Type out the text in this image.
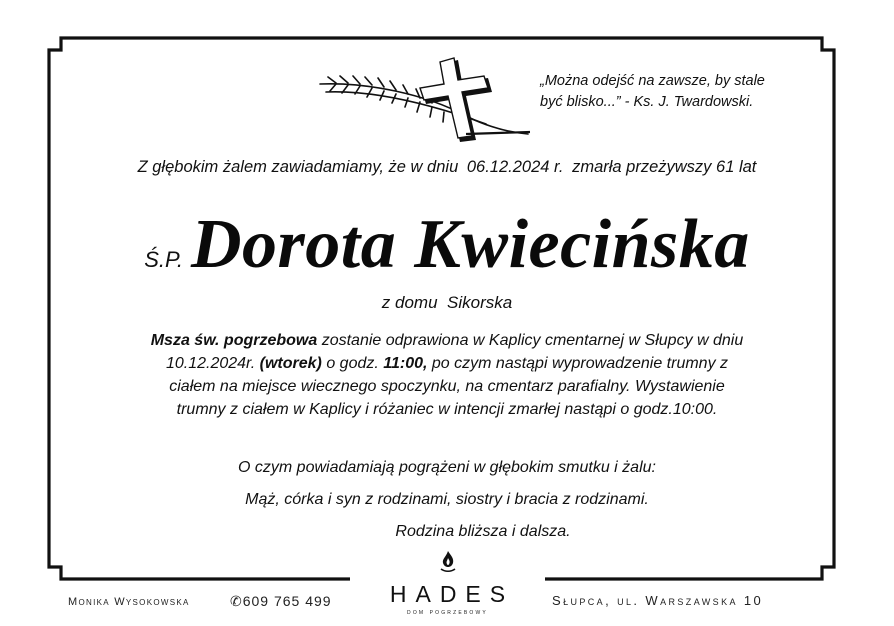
„Można odejść na zawsze, by stale
być blisko...” - Ks. J. Twardowski.
Z głębokim żalem zawiadamiamy, że w dniu 06.12.2024 r. zmarła przeżywszy 61 lat
Ś.P. Dorota Kwiecińska
z domu Sikorska
Msza św. pogrzebowa zostanie odprawiona w Kaplicy cmentarnej w Słupcy w dniu
10.12.2024r. (wtorek) o godz. 11:00, po czym nastąpi wyprowadzenie trumny z
ciałem na miejsce wiecznego spoczynku, na cmentarz parafialny. Wystawienie
trumny z ciałem w Kaplicy i różaniec w intencji zmarłej nastąpi o godz.10:00.
O czym powiadamiają pogrążeni w głębokim smutku i żalu:
Mąż, córka i syn z rodzinami, siostry i bracia z rodzinami.
Rodzina bliższa i dalsza.
HADES
dom pogrzebowy
Monika Wysokowska	✆609 765 499	Słupca, ul. Warszawska 10
